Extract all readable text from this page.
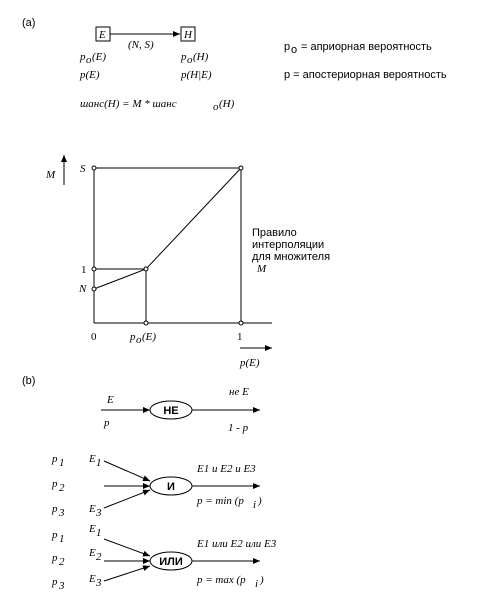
(a)
E
(N, S)
H
p o (E)
p(E)
p o (H)
p(H|E)
p o = априорная вероятность
p = апостериорная вероятность
шанс(H) = M * шанс	o (H)
M S
1
N
0	p o (E)	1
p(E)
Правило
интерполяции
для множителя
M
(b)
E
p
НЕ
не E
1 - p
p 1
p 2
p 3
E 1
E 3
И
E1 и E2 и E3
p = min (p i )
p 1
p 2
p 3
E 1
E 2
E 3
ИЛИ
E1 или E2 или E3
p = max (p i )
